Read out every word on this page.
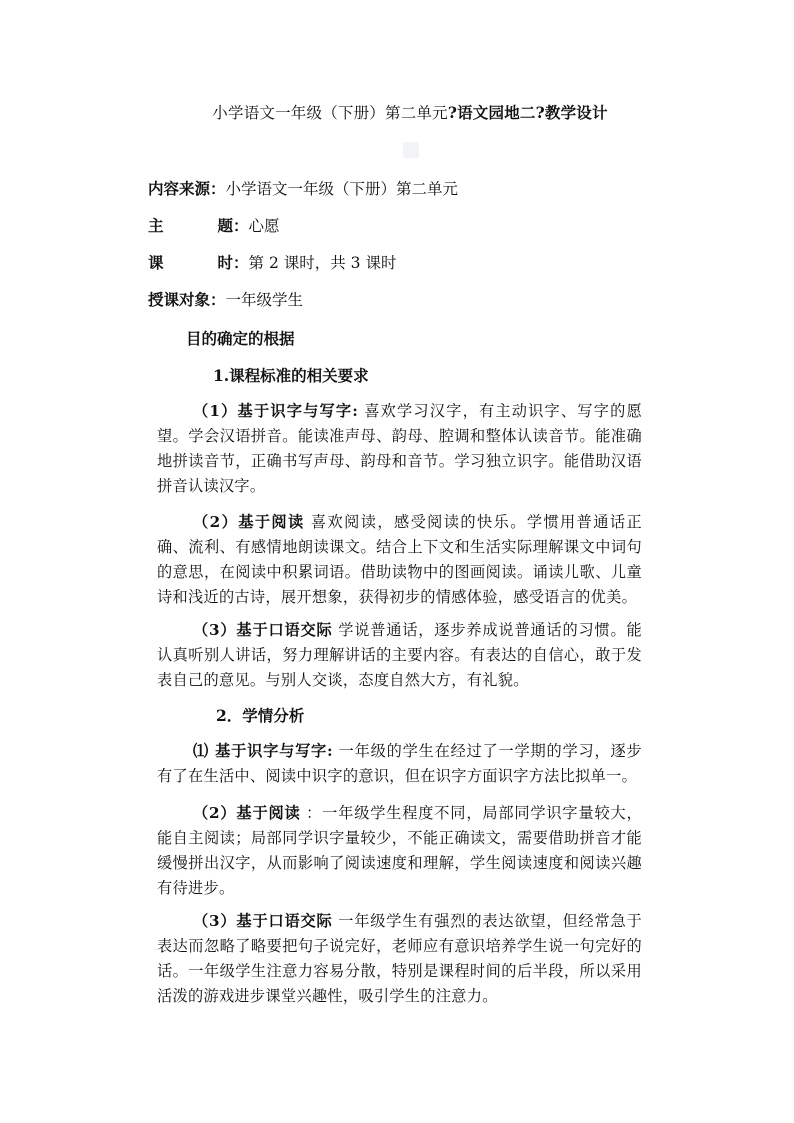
小学语文一年级（下册）第二单元?语文园地二?教学设计
内容来源：小学语文一年级（下册）第二单元
主	题：心愿
课	时：第 2 课时，共 3 课时
授课对象：一年级学生
目的确定的根据
1.课程标准的相关要求
（1）基于识字与写字: 喜欢学习汉字，有主动识字、写字的愿望。学会汉语拼音。能读准声母、韵母、腔调和整体认读音节。能准确地拼读音节，正确书写声母、韵母和音节。学习独立识字。能借助汉语拼音认读汉字。
（2）基于阅读 喜欢阅读，感受阅读的快乐。学惯用普通话正确、流利、有感情地朗读课文。结合上下文和生活实际理解课文中词句的意思，在阅读中积累词语。借助读物中的图画阅读。诵读儿歌、儿童诗和浅近的古诗，展开想象，获得初步的情感体验，感受语言的优美。
（3）基于口语交际 学说普通话，逐步养成说普通话的习惯。能认真听别人讲话，努力理解讲话的主要内容。有表达的自信心，敢于发表自己的意见。与别人交谈，态度自然大方，有礼貌。
2．学情分析
⑴ 基于识字与写字: 一年级的学生在经过了一学期的学习，逐步有了在生活中、阅读中识字的意识，但在识字方面识字方法比拟单一。
（2）基于阅读 ：一年级学生程度不同，局部同学识字量较大，能自主阅读；局部同学识字量较少，不能正确读文，需要借助拼音才能缓慢拼出汉字，从而影响了阅读速度和理解，学生阅读速度和阅读兴趣有待进步。
（3）基于口语交际 一年级学生有强烈的表达欲望，但经常急于表达而忽略了略要把句子说完好，老师应有意识培养学生说一句完好的话。一年级学生注意力容易分散，特别是课程时间的后半段，所以采用活泼的游戏进步课堂兴趣性，吸引学生的注意力。
